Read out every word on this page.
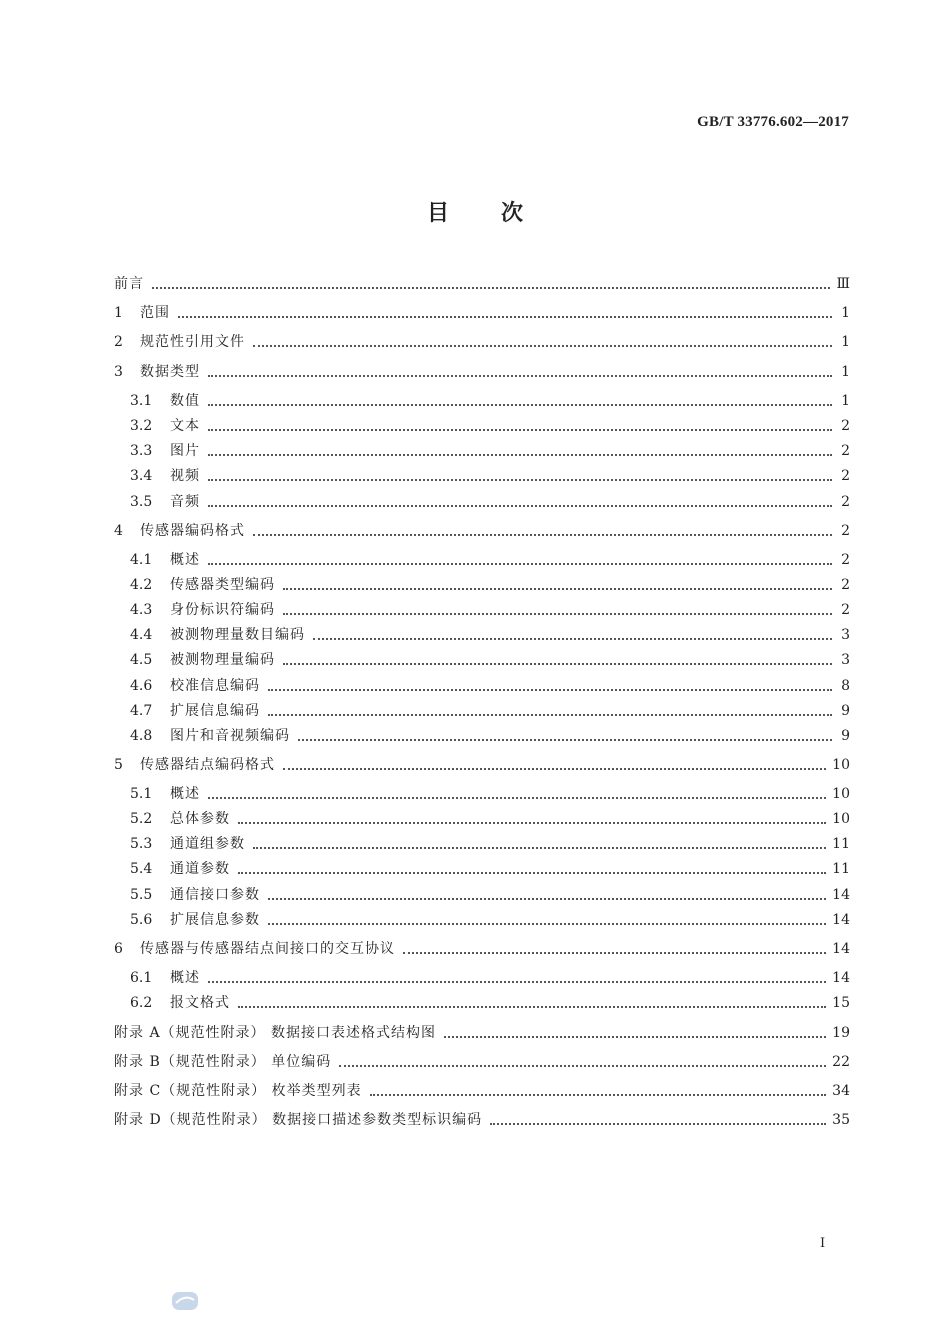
GB/T 33776.602—2017
目 次
前言	Ⅲ
1	范围	1
2	规范性引用文件	1
3	数据类型	1
3.1	数值	1
3.2	文本	2
3.3	图片	2
3.4	视频	2
3.5	音频	2
4	传感器编码格式	2
4.1	概述	2
4.2	传感器类型编码	2
4.3	身份标识符编码	2
4.4	被测物理量数目编码	3
4.5	被测物理量编码	3
4.6	校准信息编码	8
4.7	扩展信息编码	9
4.8	图片和音视频编码	9
5	传感器结点编码格式	10
5.1	概述	10
5.2	总体参数	10
5.3	通道组参数	11
5.4	通道参数	11
5.5	通信接口参数	14
5.6	扩展信息参数	14
6	传感器与传感器结点间接口的交互协议	14
6.1	概述	14
6.2	报文格式	15
附录 A（规范性附录） 数据接口表述格式结构图	19
附录 B（规范性附录） 单位编码	22
附录 C（规范性附录） 枚举类型列表	34
附录 D（规范性附录） 数据接口描述参数类型标识编码	35
I
